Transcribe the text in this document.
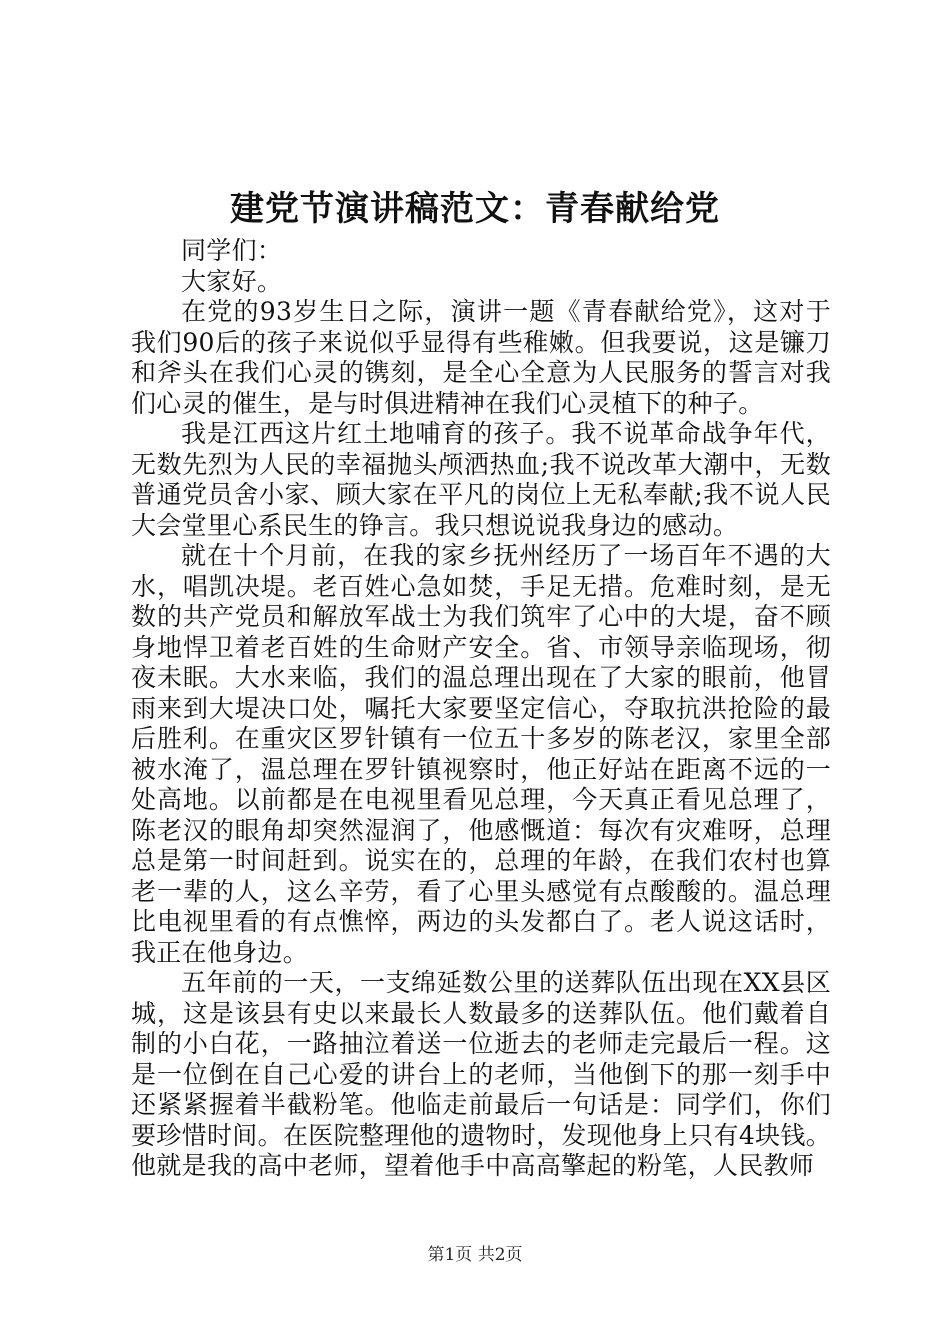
建党节演讲稿范文：青春献给党

同学们：

大家好。

在党的93岁生日之际，演讲一题《青春献给党》，这对于我们90后的孩子来说似乎显得有些稚嫩。但我要说，这是镰刀和斧头在我们心灵的镌刻，是全心全意为人民服务的誓言对我们心灵的催生，是与时俱进精神在我们心灵植下的种子。

我是江西这片红土地哺育的孩子。我不说革命战争年代，无数先烈为人民的幸福抛头颅洒热血;我不说改革大潮中，无数普通党员舍小家、顾大家在平凡的岗位上无私奉献;我不说人民大会堂里心系民生的铮言。我只想说说我身边的感动。

就在十个月前，在我的家乡抚州经历了一场百年不遇的大水，唱凯决堤。老百姓心急如焚，手足无措。危难时刻，是无数的共产党员和解放军战士为我们筑牢了心中的大堤，奋不顾身地悍卫着老百姓的生命财产安全。省、市领导亲临现场，彻夜未眠。大水来临，我们的温总理出现在了大家的眼前，他冒雨来到大堤决口处，嘱托大家要坚定信心，夺取抗洪抢险的最后胜利。在重灾区罗针镇有一位五十多岁的陈老汉，家里全部被水淹了，温总理在罗针镇视察时，他正好站在距离不远的一处高地。以前都是在电视里看见总理，今天真正看见总理了，陈老汉的眼角却突然湿润了，他感慨道：每次有灾难呀，总理总是第一时间赶到。说实在的，总理的年龄，在我们农村也算老一辈的人，这么辛劳，看了心里头感觉有点酸酸的。温总理比电视里看的有点憔悴，两边的头发都白了。老人说这话时，我正在他身边。

五年前的一天，一支绵延数公里的送葬队伍出现在XX县区城，这是该县有史以来最长人数最多的送葬队伍。他们戴着自制的小白花，一路抽泣着送一位逝去的老师走完最后一程。这是一位倒在自己心爱的讲台上的老师，当他倒下的那一刻手中还紧紧握着半截粉笔。他临走前最后一句话是：同学们，你们要珍惜时间。在医院整理他的遗物时，发现他身上只有4块钱。他就是我的高中老师，望着他手中高高擎起的粉笔，人民教师

第1页 共2页
